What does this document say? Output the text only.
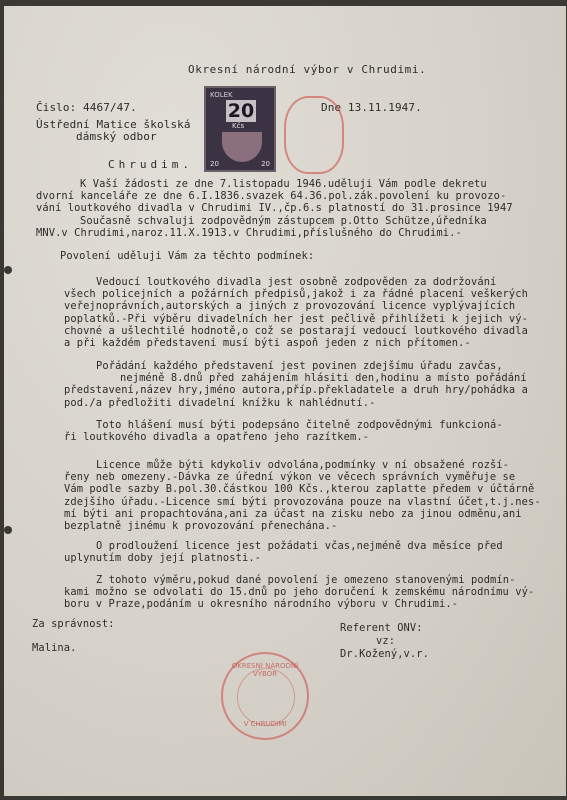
Okresní národní výbor v Chrudimi.
Čislo: 4467/47.	Dne 13.11.1947.
Ústřední Matice školská
dámský odbor
Chrudim.
KOLEK
20
Kčs
20	20
K Vaší žádosti ze dne 7.listopadu 1946.uděluji Vám podle dekretu
dvorní kanceláře ze dne 6.I.1836.svazek 64.36.pol.zák.povolení ku provozo-
vání loutkového divadla v Chrudimi IV.,čp.6.s platností do 31.prosince 1947
Současně schvaluji zodpovědným zástupcem p.Otto Schütze,úředníka
MNV.v Chrudimi,naroz.11.X.1913.v Chrudimi,příslušného do Chrudimi.-
Povolení uděluji Vám za těchto podmínek:
Vedoucí loutkového divadla jest osobně zodpověden za dodržování
všech policejních a požárních předpisů,jakož i za řádné placení veškerých
veřejnoprávních,autorských a jiných z provozování licence vyplývajících
poplatků.-Při výběru divadelních her jest pečlivě přihlížeti k jejich vý-
chovné a ušlechtilé hodnotě,o což se postarají vedoucí loutkového divadla
a při každém představení musí býti aspoň jeden z nich přítomen.-
Pořádání každého představení jest povinen zdejšímu úřadu zavčas,
nejméně 8.dnů před zahájením hlásiti den,hodinu a místo pořádání
představení,název hry,jméno autora,příp.překladatele a druh hry/pohádka a
pod./a předložiti divadelní knížku k nahlédnutí.-
Toto hlášení musí býti podepsáno čitelně zodpovědnými funkcioná-
ři loutkového divadla a opatřeno jeho razítkem.-
Licence může býti kdykoliv odvolána,podmínky v ní obsažené rozší-
řeny neb omezeny.-Dávka ze úřední výkon ve věcech správních vyměřuje se
Vám podle sazby B.pol.30.částkou 100 Kčs.,kterou zaplatte předem v účtárně
zdejšího úřadu.-Licence smí býti provozována pouze na vlastní účet,t.j.nes-
mí býti ani propachtována,ani za účast na zisku nebo za jinou odměnu,ani
bezplatně jinému k provozování přenechána.-
O prodloužení licence jest požádati včas,nejméně dva měsíce před
uplynutím doby její platnosti.-
Z tohoto výměru,pokud dané povolení je omezeno stanovenými podmín-
kami možno se odvolati do 15.dnů po jeho doručení k zemskému národnímu vý-
boru v Praze,podáním u okresního národního výboru v Chrudimi.-
Za správnost:
Malina.
Referent ONV:
vz:
Dr.Kožený,v.r.
OKRESNÍ NÁRODNÍ VÝBOR
V CHRUDIMI
